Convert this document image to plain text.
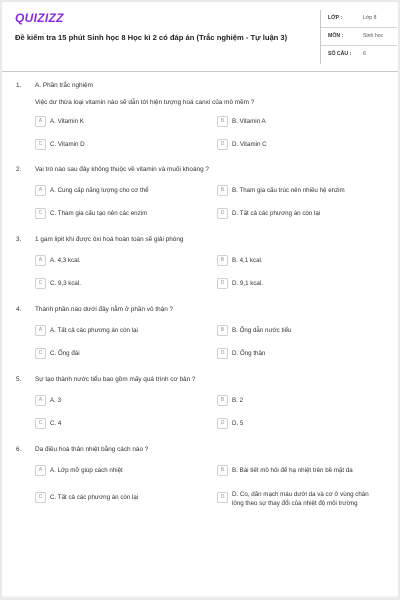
QUIZIZZ
Đề kiểm tra 15 phút Sinh học 8 Học kì 2 có đáp án (Trắc nghiệm - Tự luận 3)
LỚP :	Lớp 8
MÔN :	Sinh học
SỐ CÂU : 6
1. A. Phần trắc nghiệm
Việc dư thừa loại vitamin nào sẽ dẫn tới hiện tượng hoá canxi của mô mềm ?
A	A. Vitamin K	B	B. Vitamin A
C	C. Vitamin D	D	D. Vitamin C
2. Vai trò nào sau đây không thuộc về vitamin và muối khoáng ?
A	A. Cung cấp năng lượng cho cơ thể	B	B. Tham gia cấu trúc nên nhiều hệ enzim
C	C. Tham gia cấu tạo nên các enzim	D	D. Tất cả các phương án còn lại
3. 1 gam lipit khi được ôxi hoá hoàn toàn sẽ giải phóng
A	A. 4,3 kcal.	B	B. 4,1 kcal.
C	C. 9,3 kcal.	D	D. 9,1 kcal.
4. Thành phần nào dưới đây nằm ở phần vỏ thận ?
A	A. Tất cả các phương án còn lại	B	B. Ống dẫn nước tiểu
C	C. Ống đái	D	D. Ống thận
5. Sự tạo thành nước tiểu bao gồm mấy quá trình cơ bản ?
A	A. 3	B	B. 2
C	C. 4	D	D. 5
6. Da điều hoà thân nhiệt bằng cách nào ?
A	A. Lớp mỡ giúp cách nhiệt	B	B. Bài tiết mồ hôi để hạ nhiệt trên bề mặt da
C	C. Tất cả các phương án còn lại	D	D. Co, dãn mạch máu dưới da và cơ ở vùng chân lông theo sự thay đổi của nhiệt độ môi trường
